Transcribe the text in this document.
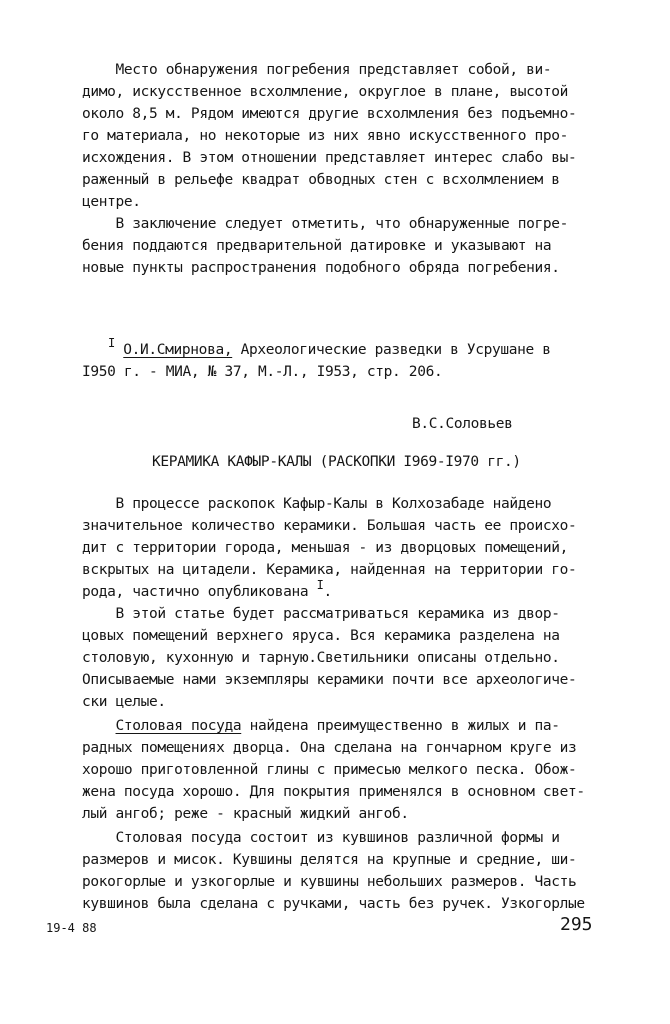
Место обнаружения погребения представляет собой, ви-
димо, искусственное всхолмление, округлое в плане, высотой
около 8,5 м. Рядом имеются другие всхолмления без подъемно-
го материала, но некоторые из них явно искусственного про-
исхождения. В этом отношении представляет интерес слабо вы-
раженный в рельефе квадрат обводных стен с всхолмлением в
центре.
В заключение следует отметить, что обнаруженные погре-
бения поддаются предварительной датировке и указывают на
новые пункты распространения подобного обряда погребения.
$^I$ О.И.Смирнова, Археологические разведки в Усрушане в
I950 г. - МИА, № 37, М.-Л., I953, стр. 206.
В.С.Соловьев
КЕРАМИКА КАФЫР-КАЛЫ (РАСКОПКИ I969-I970 гг.)
В процессе раскопок Кафыр-Калы в Колхозабаде найдено
значительное количество керамики. Большая часть ее происхо-
дит с территории города, меньшая - из дворцовых помещений,
вскрытых на цитадели. Керамика, найденная на территории го-
рода, частично опубликована $^I$.
В этой статье будет рассматриваться керамика из двор-
цовых помещений верхнего яруса. Вся керамика разделена на
столовую, кухонную и тарную.Светильники описаны отдельно.
Описываемые нами экземпляры керамики почти все археологиче-
ски целые.
Столовая посуда найдена преимущественно в жилых и па-
радных помещениях дворца. Она сделана на гончарном круге из
хорошо приготовленной глины с примесью мелкого песка. Обож-
жена посуда хорошо. Для покрытия применялся в основном свет-
лый ангоб; реже - красный жидкий ангоб.
Столовая посуда состоит из кувшинов различной формы и
размеров и мисок. Кувшины делятся на крупные и средние, ши-
рокогорлые и узкогорлые и кувшины небольших размеров. Часть
кувшинов была сделана с ручками, часть без ручек. Узкогорлые
19-4 88	295
